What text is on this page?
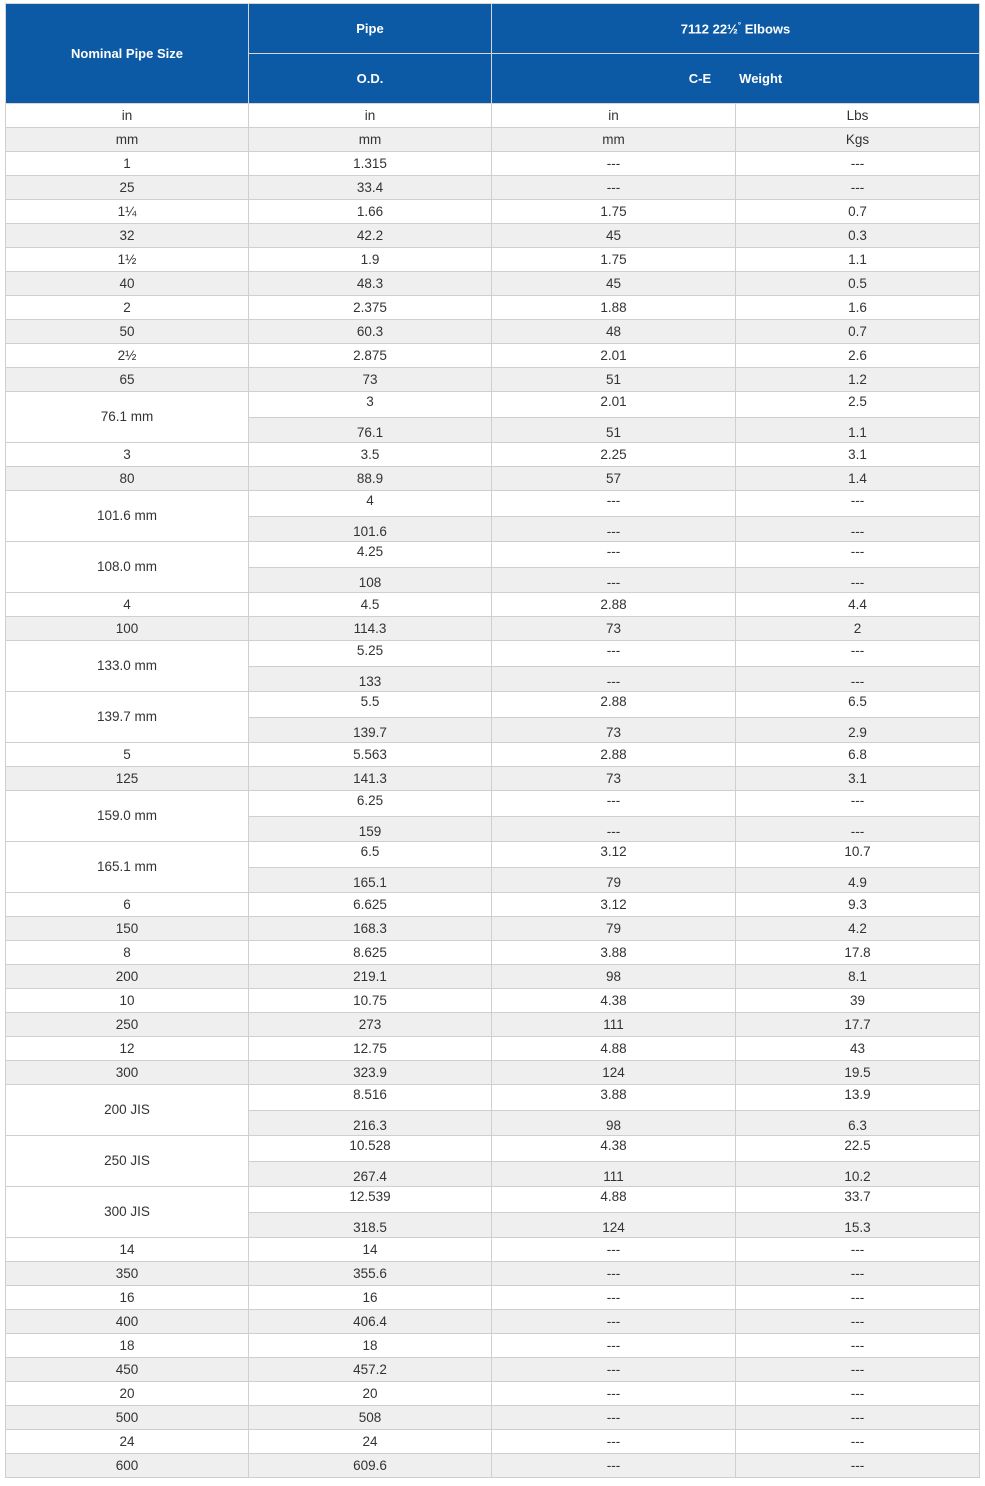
Nominal Pipe Size	Pipe	7112 22½° Elbows	
	O.D.	C-E Weight	
in	in	in	Lbs
mm	mm	mm	Kgs
1	1.315	---	---
25	33.4	---	---
1¼	1.66	1.75	0.7
32	42.2	45	0.3
1½	1.9	1.75	1.1
40	48.3	45	0.5
2	2.375	1.88	1.6
50	60.3	48	0.7
2½	2.875	2.01	2.6
65	73	51	1.2
76.1 mm	3	2.01	2.5
	76.1	51	1.1
3	3.5	2.25	3.1
80	88.9	57	1.4
101.6 mm	4	---	---
	101.6	---	---
108.0 mm	4.25	---	---
	108	---	---
4	4.5	2.88	4.4
100	114.3	73	2
133.0 mm	5.25	---	---
	133	---	---
139.7 mm	5.5	2.88	6.5
	139.7	73	2.9
5	5.563	2.88	6.8
125	141.3	73	3.1
159.0 mm	6.25	---	---
	159	---	---
165.1 mm	6.5	3.12	10.7
	165.1	79	4.9
6	6.625	3.12	9.3
150	168.3	79	4.2
8	8.625	3.88	17.8
200	219.1	98	8.1
10	10.75	4.38	39
250	273	111	17.7
12	12.75	4.88	43
300	323.9	124	19.5
200 JIS	8.516	3.88	13.9
	216.3	98	6.3
250 JIS	10.528	4.38	22.5
	267.4	111	10.2
300 JIS	12.539	4.88	33.7
	318.5	124	15.3
14	14	---	---
350	355.6	---	---
16	16	---	---
400	406.4	---	---
18	18	---	---
450	457.2	---	---
20	20	---	---
500	508	---	---
24	24	---	---
600	609.6	---	---
